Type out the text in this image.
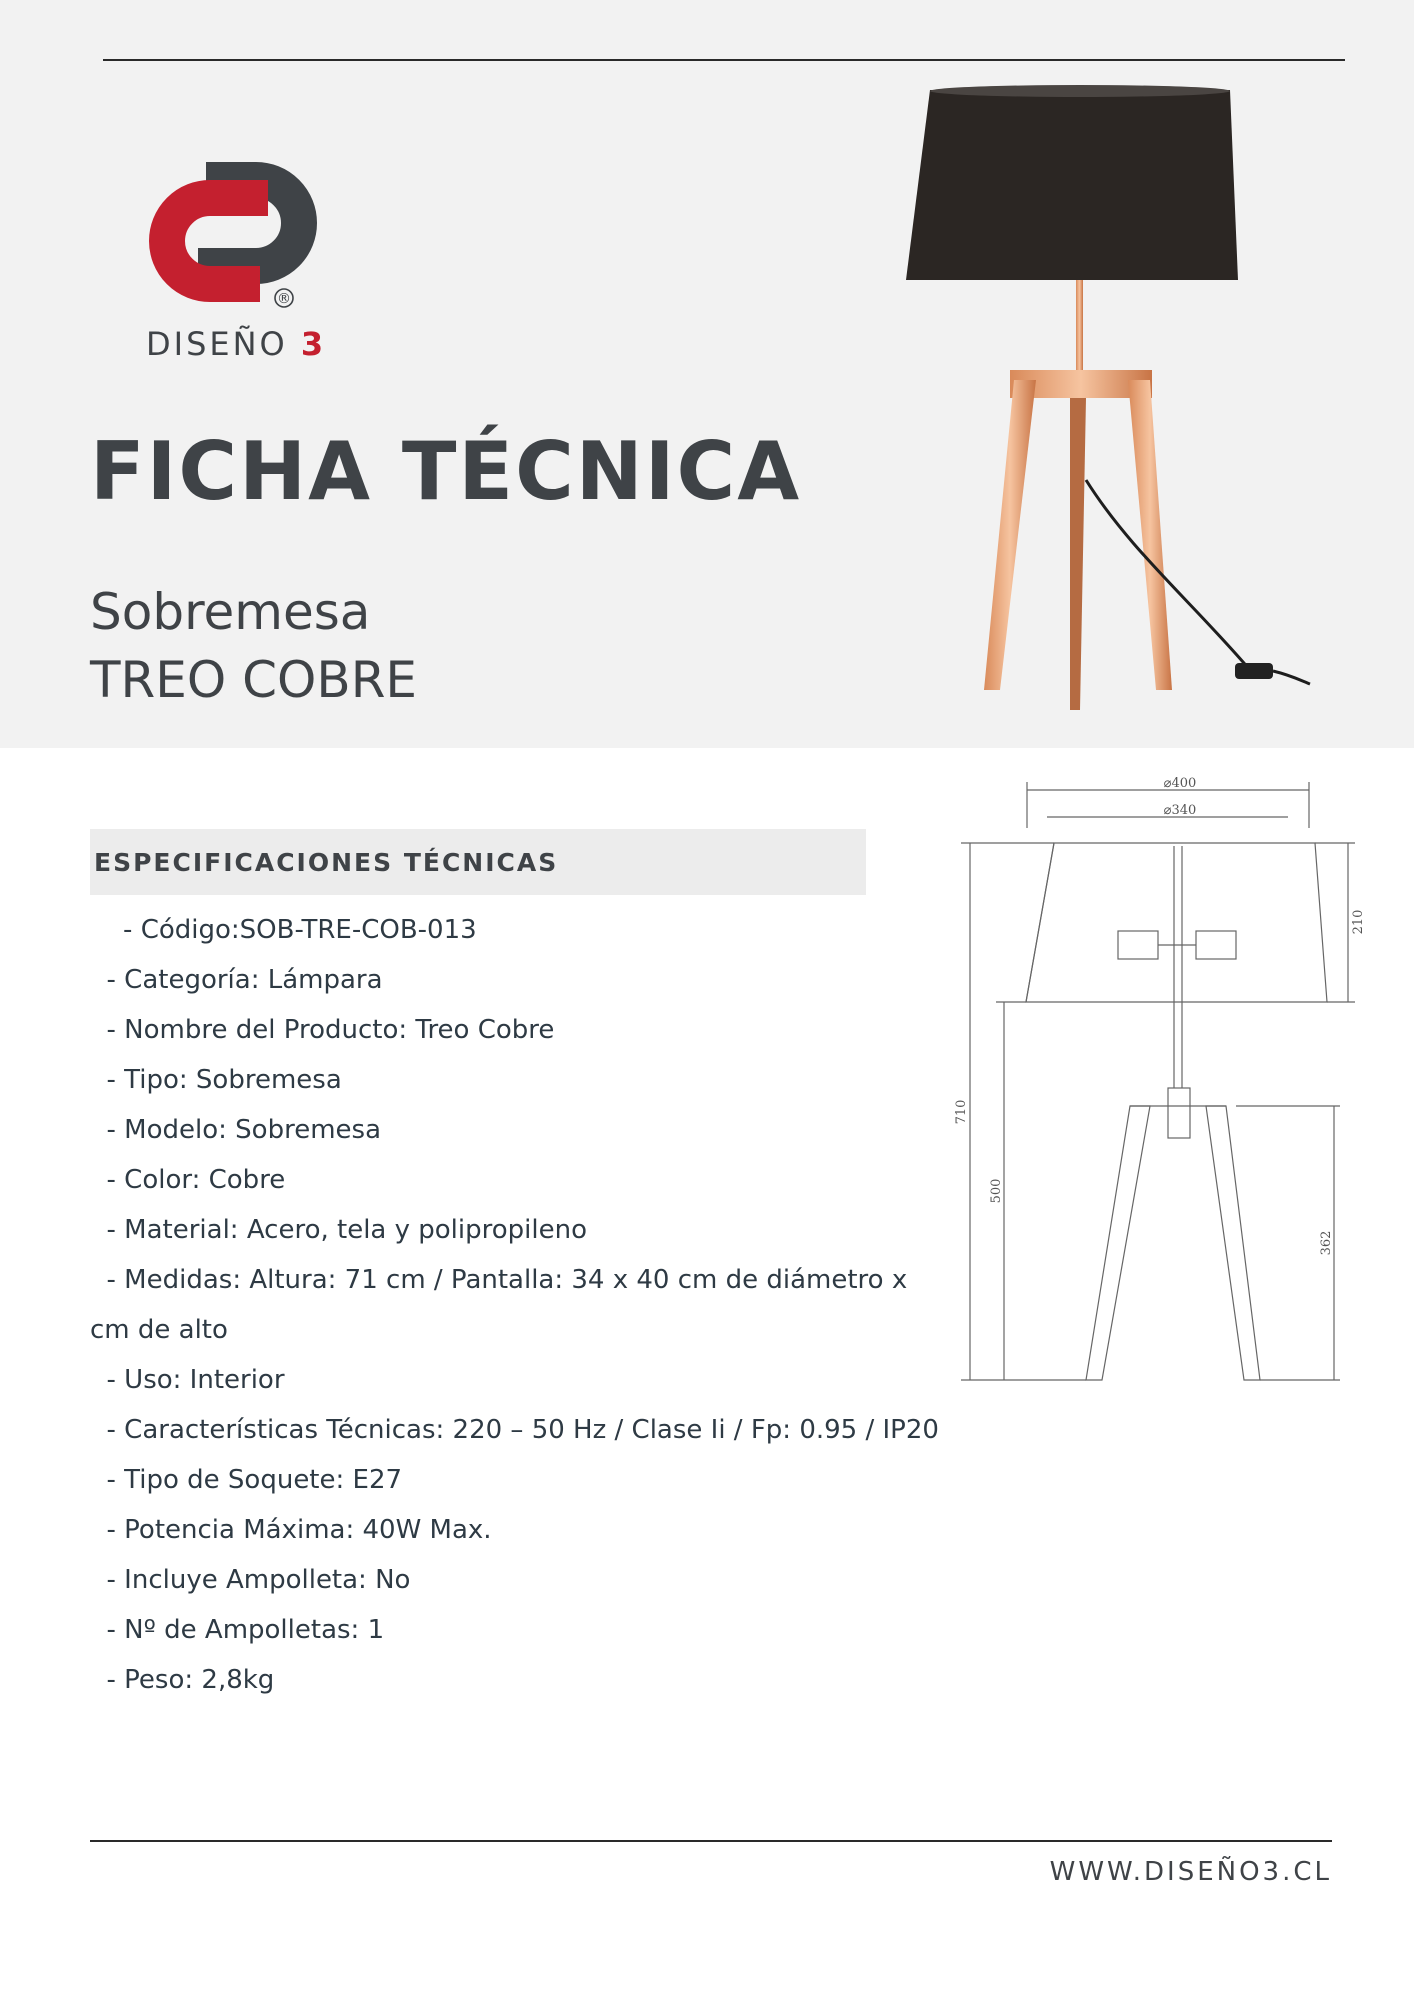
®
DISEÑO 3
FICHA TÉCNICA
Sobremesa
TREO COBRE
ESPECIFICACIONES TÉCNICAS
- Código:SOB-TRE-COB-013
- Categoría: Lámpara
- Nombre del Producto: Treo Cobre
- Tipo: Sobremesa
- Modelo: Sobremesa
- Color: Cobre
- Material: Acero, tela y polipropileno
- Medidas: Altura: 71 cm / Pantalla: 34 x 40 cm de diámetro x cm de alto
- Uso: Interior
- Características Técnicas: 220 – 50 Hz / Clase Ii / Fp: 0.95 / IP20
- Tipo de Soquete: E27
- Potencia Máxima: 40W Max.
- Incluye Ampolleta: No
- Nº de Ampolletas: 1
- Peso: 2,8kg
⌀400
⌀340
210
710
500
362
WWW.DISEÑO3.CL
